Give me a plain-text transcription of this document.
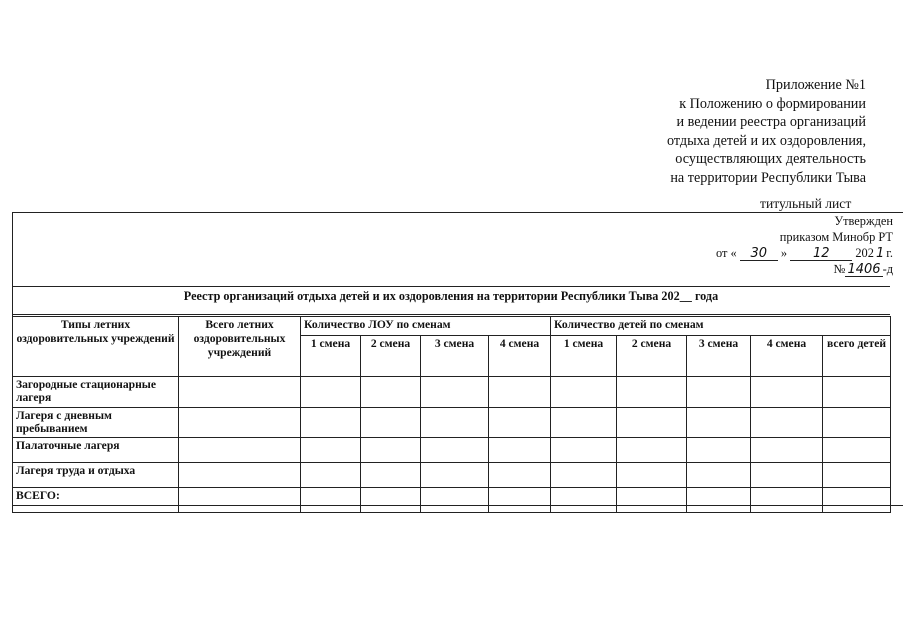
Приложение №1
к Положению о формировании
и ведении реестра организаций
отдыха детей и их оздоровления,
осуществляющих деятельность
на территории Республики Тыва
титульный лист
Утвержден
приказом Минобр РТ
от « 30 » 12 202 1 г.
№ 1406 -д
Реестр организаций отдыха детей и их оздоровления на территории Республики Тыва 202__ года
Типы летних оздоровительных учреждений	Всего летних оздоровительных учреждений	Количество ЛОУ по сменам				Количество детей по сменам				
		1 смена	2 смена	3 смена	4 смена	1 смена	2 смена	3 смена	4 смена	всего детей
Загородные стационарные лагеря										
Лагеря с дневным пребыванием										
Палаточные лагеря										
Лагеря труда и отдыха										
ВСЕГО:										
